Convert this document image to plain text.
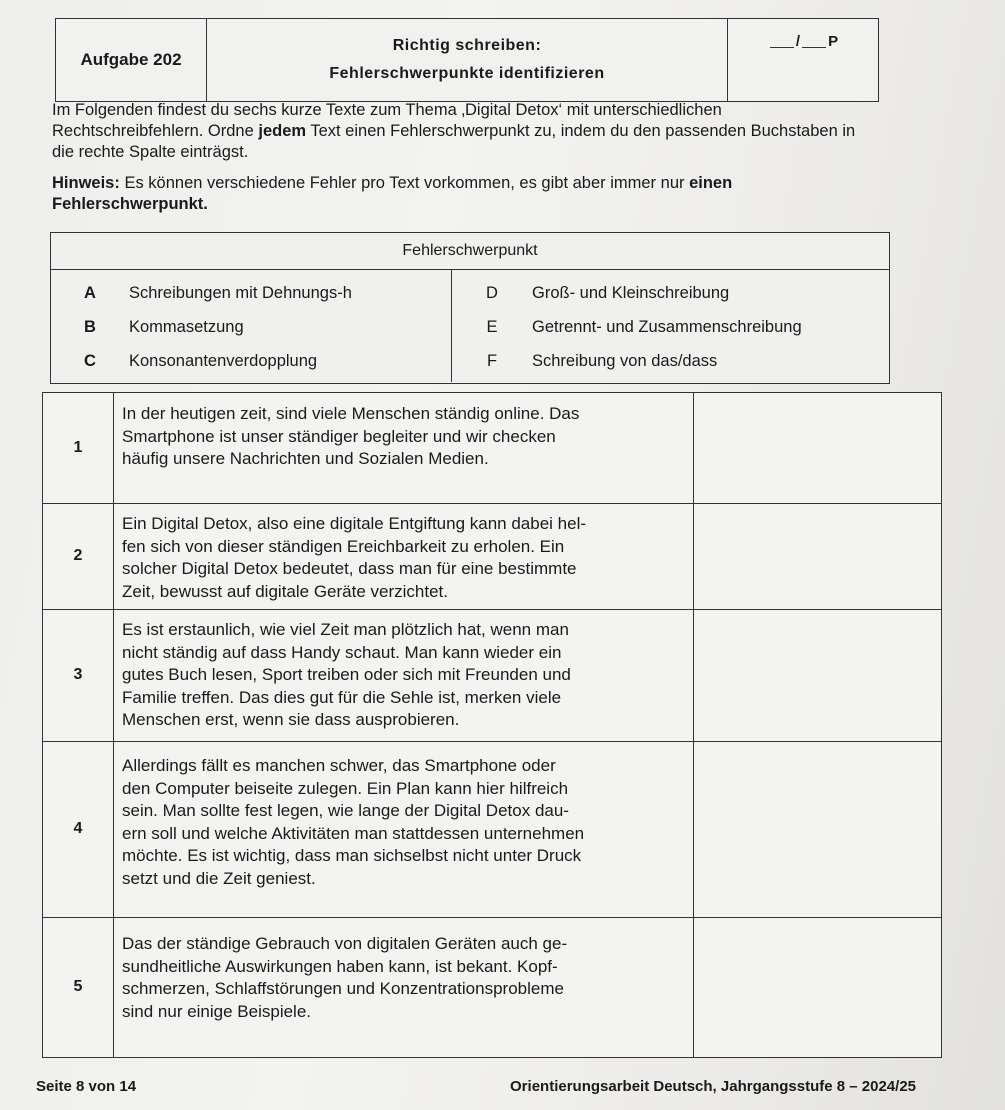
Aufgabe 202
Richtig schreiben:
Fehlerschwerpunkte identifizieren
/ P

Im Folgenden findest du sechs kurze Texte zum Thema ‚Digital Detox‘ mit unterschiedlichen Rechtschreibfehlern. Ordne jedem Text einen Fehlerschwerpunkt zu, indem du den passenden Buchstaben in die rechte Spalte einträgst.

Hinweis: Es können verschiedene Fehler pro Text vorkommen, es gibt aber immer nur einen Fehlerschwerpunkt.

Fehlerschwerpunkt
A	Schreibungen mit Dehnungs-h
B	Kommasetzung
C	Konsonantenverdopplung
D	Groß- und Kleinschreibung
E	Getrennt- und Zusammenschreibung
F	Schreibung von das/dass
1
In der heutigen zeit, sind viele Menschen ständig online. Das
Smartphone ist unser ständiger begleiter und wir checken
häufig unsere Nachrichten und Sozialen Medien.
2
Ein Digital Detox, also eine digitale Entgiftung kann dabei hel-
fen sich von dieser ständigen Ereichbarkeit zu erholen. Ein
solcher Digital Detox bedeutet, dass man für eine bestimmte
Zeit, bewusst auf digitale Geräte verzichtet.
3
Es ist erstaunlich, wie viel Zeit man plötzlich hat, wenn man
nicht ständig auf dass Handy schaut. Man kann wieder ein
gutes Buch lesen, Sport treiben oder sich mit Freunden und
Familie treffen. Das dies gut für die Sehle ist, merken viele
Menschen erst, wenn sie dass ausprobieren.
4
Allerdings fällt es manchen schwer, das Smartphone oder
den Computer beiseite zulegen. Ein Plan kann hier hilfreich
sein. Man sollte fest legen, wie lange der Digital Detox dau-
ern soll und welche Aktivitäten man stattdessen unternehmen
möchte. Es ist wichtig, dass man sichselbst nicht unter Druck
setzt und die Zeit geniest.
5
Das der ständige Gebrauch von digitalen Geräten auch ge-
sundheitliche Auswirkungen haben kann, ist bekant. Kopf-
schmerzen, Schlaffstörungen und Konzentrationsprobleme
sind nur einige Beispiele.
Seite 8 von 14	Orientierungsarbeit Deutsch, Jahrgangsstufe 8 – 2024/25
